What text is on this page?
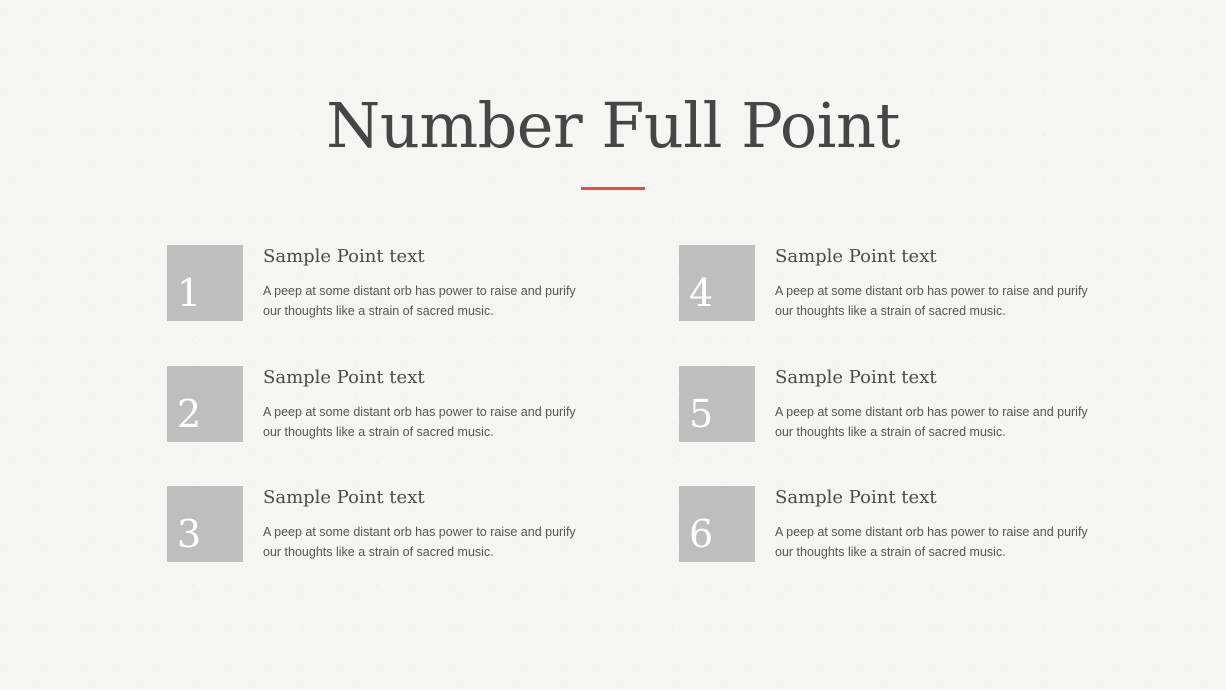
Number Full Point
1
Sample Point text

A peep at some distant orb has power to raise and purify our thoughts like a strain of sacred music.

2
Sample Point text

A peep at some distant orb has power to raise and purify our thoughts like a strain of sacred music.

3
Sample Point text

A peep at some distant orb has power to raise and purify our thoughts like a strain of sacred music.

4
Sample Point text

A peep at some distant orb has power to raise and purify our thoughts like a strain of sacred music.

5
Sample Point text

A peep at some distant orb has power to raise and purify our thoughts like a strain of sacred music.

6
Sample Point text

A peep at some distant orb has power to raise and purify our thoughts like a strain of sacred music.
